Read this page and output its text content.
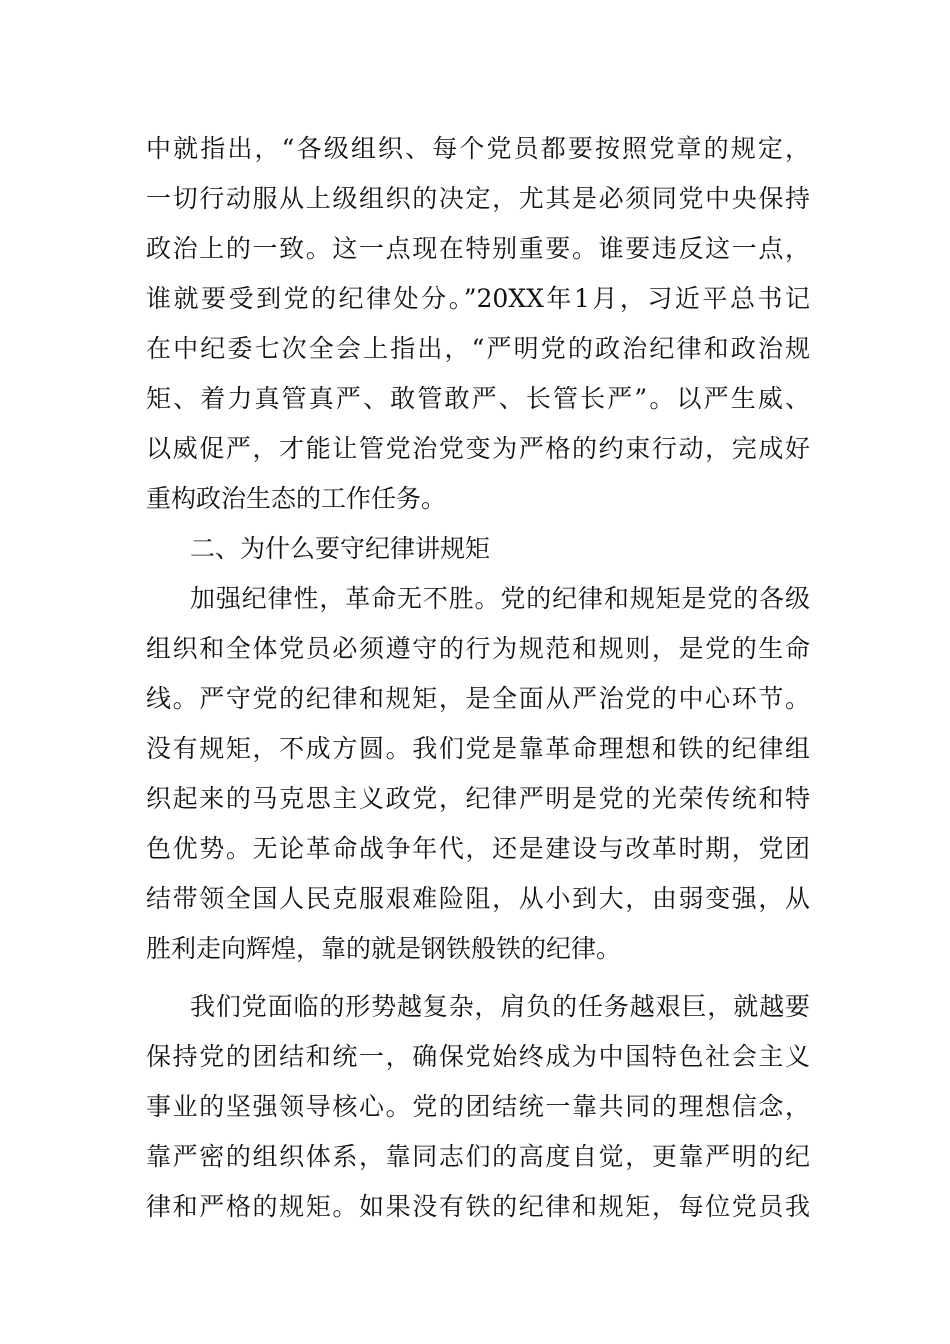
中就指出，“各级组织、每个党员都要按照党章的规定，
一切行动服从上级组织的决定，尤其是必须同党中央保持
政治上的一致。这一点现在特别重要。谁要违反这一点，
谁就要受到党的纪律处分。”20XX年1月，习近平总书记
在中纪委七次全会上指出，“严明党的政治纪律和政治规
矩、着力真管真严、敢管敢严、长管长严”。以严生威、
以威促严，才能让管党治党变为严格的约束行动，完成好
重构政治生态的工作任务。
二、为什么要守纪律讲规矩
加强纪律性，革命无不胜。党的纪律和规矩是党的各级
组织和全体党员必须遵守的行为规范和规则，是党的生命
线。严守党的纪律和规矩，是全面从严治党的中心环节。
没有规矩，不成方圆。我们党是靠革命理想和铁的纪律组
织起来的马克思主义政党，纪律严明是党的光荣传统和特
色优势。无论革命战争年代，还是建设与改革时期，党团
结带领全国人民克服艰难险阻，从小到大，由弱变强，从
胜利走向辉煌，靠的就是钢铁般铁的纪律。
我们党面临的形势越复杂，肩负的任务越艰巨，就越要
保持党的团结和统一，确保党始终成为中国特色社会主义
事业的坚强领导核心。党的团结统一靠共同的理想信念，
靠严密的组织体系，靠同志们的高度自觉，更靠严明的纪
律和严格的规矩。如果没有铁的纪律和规矩，每位党员我
